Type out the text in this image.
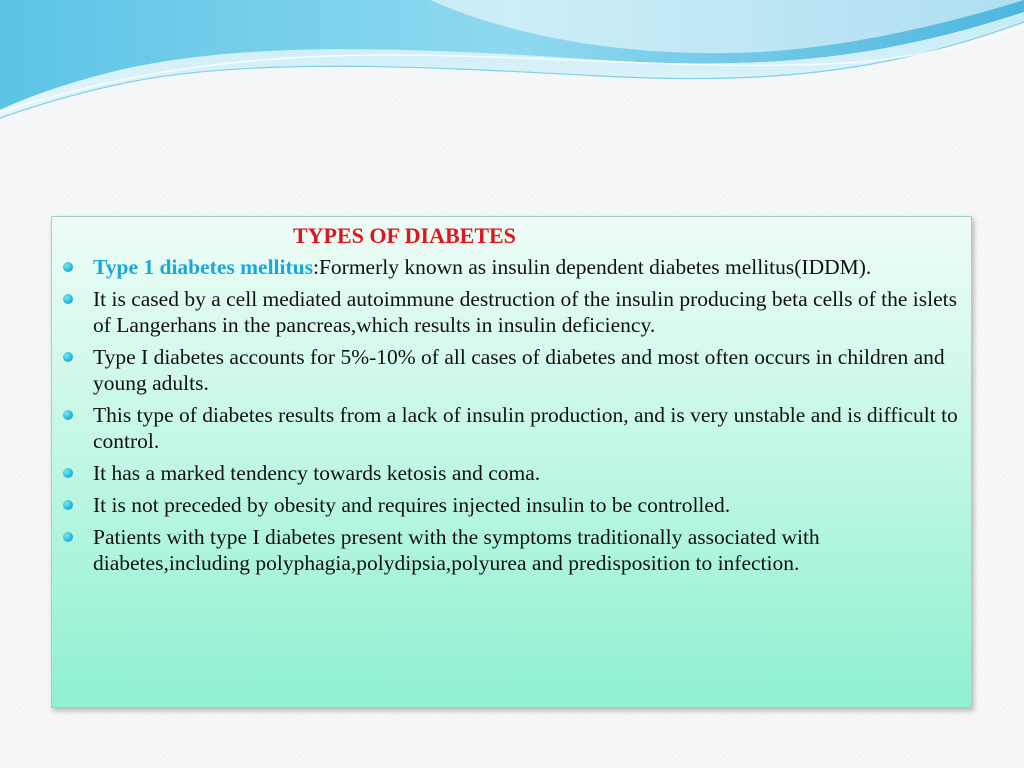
TYPES OF DIABETES
Type 1 diabetes mellitus:Formerly known as insulin dependent diabetes mellitus(IDDM).
It is cased by a cell mediated autoimmune destruction of the insulin producing beta cells of the islets of Langerhans in the pancreas,which results in insulin deficiency.
Type I diabetes accounts for 5%-10% of all cases of diabetes and most often occurs in children and young adults.
This type of diabetes results from a lack of insulin production, and is very unstable and is difficult to control.
It has a marked tendency towards ketosis and coma.
It is not preceded by obesity and requires injected insulin to be controlled.
Patients with type I diabetes present with the symptoms traditionally associated with diabetes,including polyphagia,polydipsia,polyurea and predisposition to infection.
